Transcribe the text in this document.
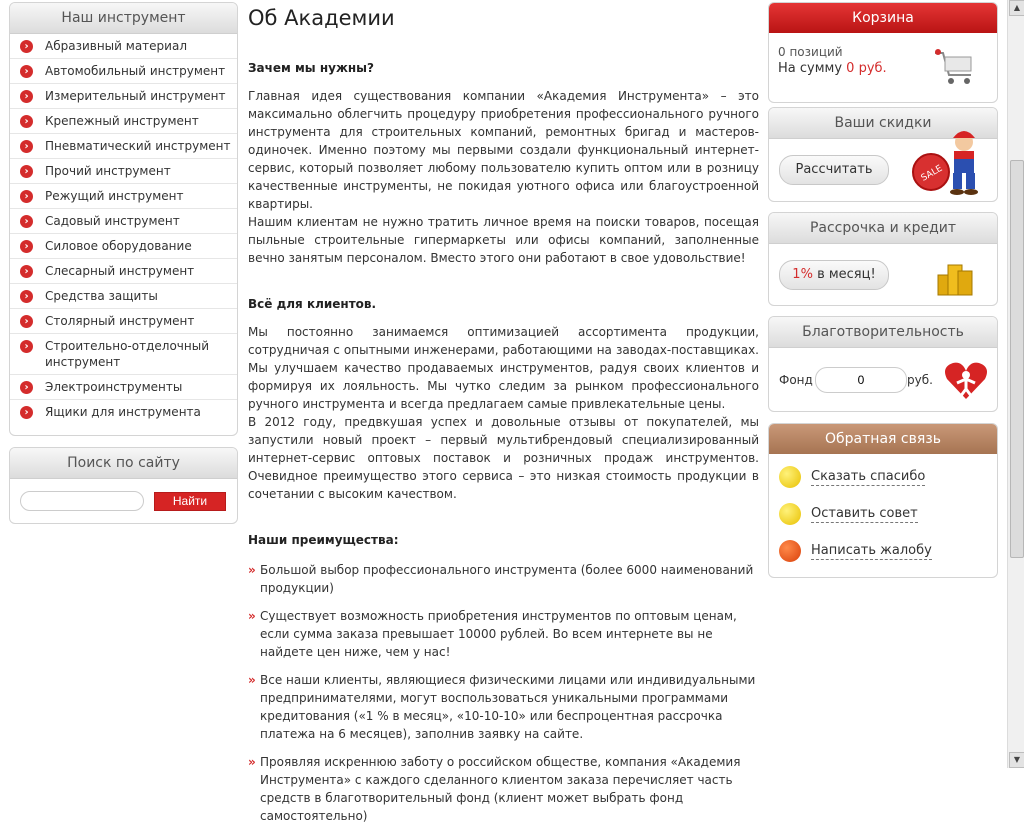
Наш инструмент
›	Абразивный материал
›	Автомобильный инструмент
›	Измерительный инструмент
›	Крепежный инструмент
›	Пневматический инструмент
›	Прочий инструмент
›	Режущий инструмент
›	Садовый инструмент
›	Силовое оборудование
›	Слесарный инструмент
›	Средства защиты
›	Столярный инструмент
›	Строительно-отделочный инструмент
›	Электроинструменты
›	Ящики для инструмента
Поиск по сайту
Найти
Об Академии
Зачем мы нужны?

Главная идея существования компании «Академия Инструмента» – это максимально облегчить процедуру приобретения профессионального ручного инструмента для строительных компаний, ремонтных бригад и мастеров-одиночек. Именно поэтому мы первыми создали функциональный интернет-сервис, который позволяет любому пользователю купить оптом или в розницу качественные инструменты, не покидая уютного офиса или благоустроенной квартиры.

Нашим клиентам не нужно тратить личное время на поиски товаров, посещая пыльные строительные гипермаркеты или офисы компаний, заполненные вечно занятым персоналом. Вместо этого они работают в свое удовольствие!

Всё для клиентов.

Мы постоянно занимаемся оптимизацией ассортимента продукции, сотрудничая с опытными инженерами, работающими на заводах-поставщиках. Мы улучшаем качество продаваемых инструментов, радуя своих клиентов и формируя их лояльность. Мы чутко следим за рынком профессионального ручного инструмента и всегда предлагаем самые привлекательные цены.

В 2012 году, предвкушая успех и довольные отзывы от покупателей, мы запустили новый проект – первый мультибрендовый специализированный интернет-сервис оптовых поставок и розничных продаж инструментов. Очевидное преимущество этого сервиса – это низкая стоимость продукции в сочетании с высоким качеством.

Наши преимущества:
» Большой выбор профессионального инструмента (более 6000 наименований продукции)
» Существует возможность приобретения инструментов по оптовым ценам, если сумма заказа превышает 10000 рублей. Во всем интернете вы не найдете цен ниже, чем у нас!
» Все наши клиенты, являющиеся физическими лицами или индивидуальными предпринимателями, могут воспользоваться уникальными программами кредитования («1 % в месяц», «10-10-10» или беспроцентная рассрочка платежа на 6 месяцев), заполнив заявку на сайте.
» Проявляя искреннюю заботу о российском обществе, компания «Академия Инструмента» с каждого сделанного клиентом заказа перечисляет часть средств в благотворительный фонд (клиент может выбрать фонд самостоятельно)
Корзина
0 позиций
На сумму 0 руб.
Ваши скидки
Рассчитать	SALE
Рассрочка и кредит
1% в месяц!
Благотворительность
Фонд
0	руб.
Обратная связь
Сказать спасибо
Оставить совет
Написать жалобу
▲
▼
